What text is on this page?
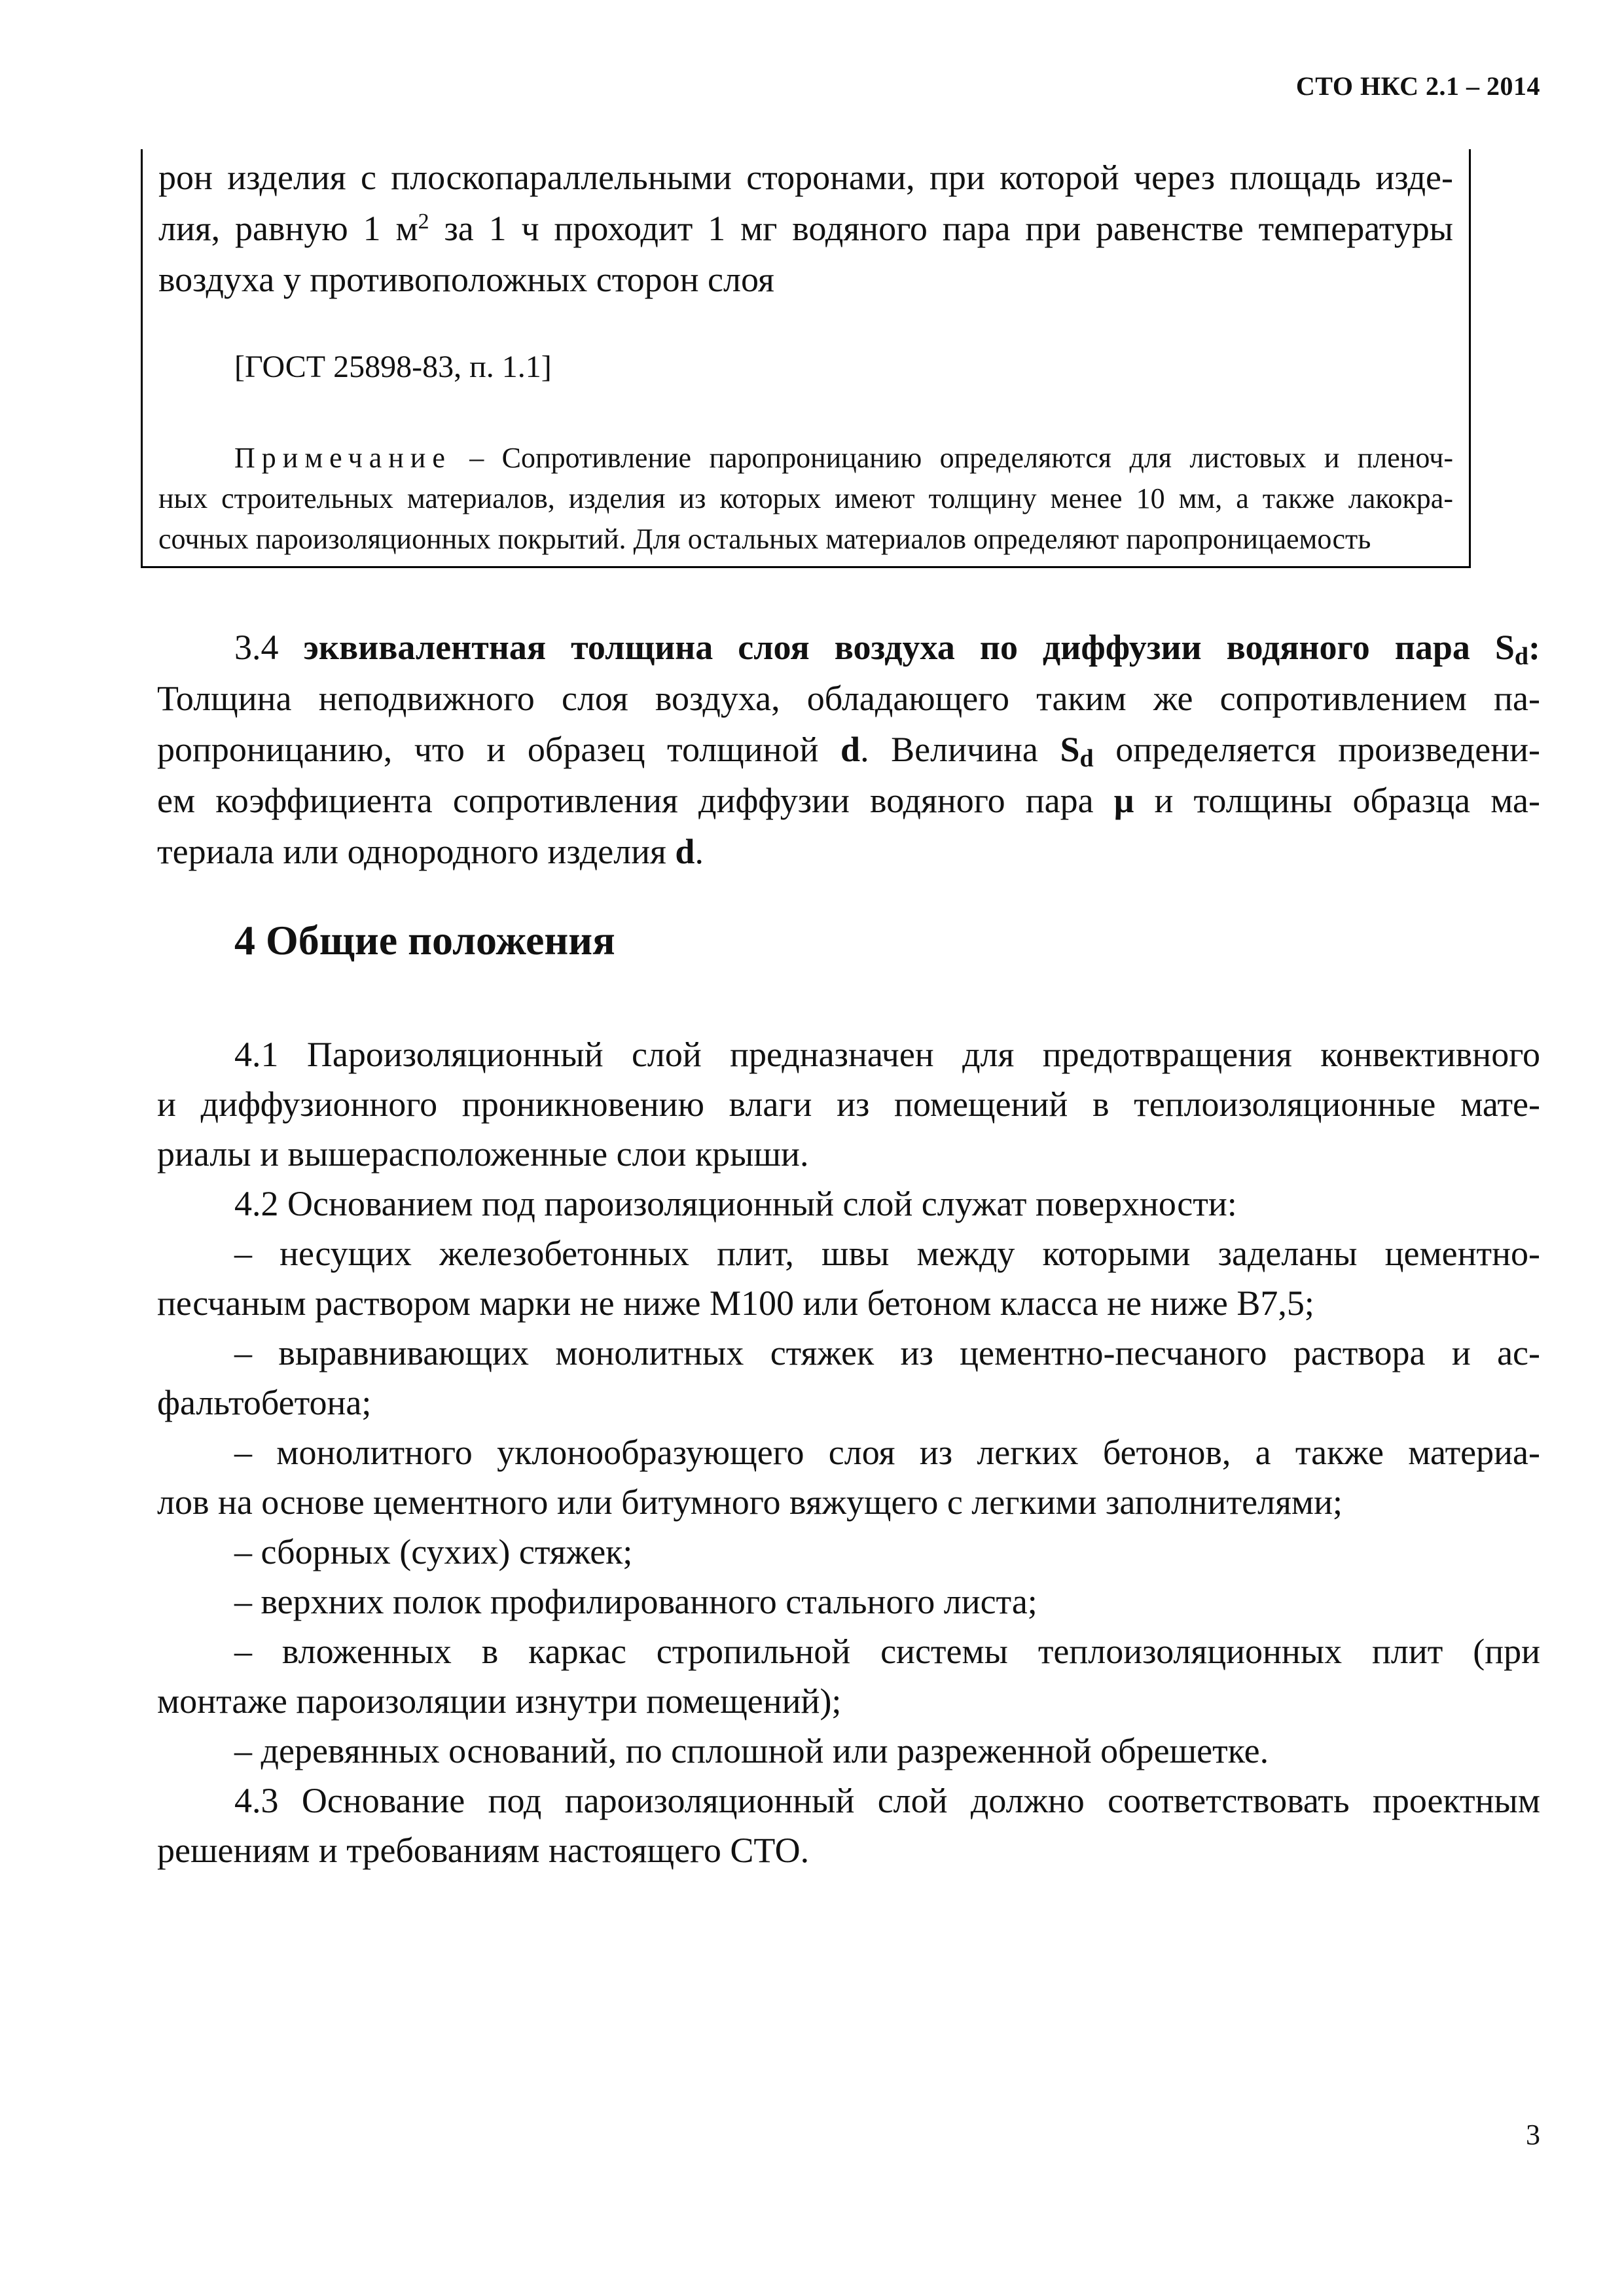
СТО НКС 2.1 – 2014
рон изделия с плоскопараллельными сторонами, при которой через площадь изде-
лия, равную 1 $м^2$ за 1 ч проходит 1 мг водяного пара при равенстве температуры
воздуха у противоположных сторон слоя
[ГОСТ 25898-83, п. 1.1]
Примечание – Сопротивление паропроницанию определяются для листовых и пленоч-
ных строительных материалов, изделия из которых имеют толщину менее 10 мм, а также лакокра-
сочных пароизоляционных покрытий. Для остальных материалов определяют паропроницаемость
3.4 эквивалентная толщина слоя воздуха по диффузии водяного пара $S_d$:
Толщина неподвижного слоя воздуха, обладающего таким же сопротивлением па-
ропроницанию, что и образец толщиной d. Величина $S_d$ определяется произведени-
ем коэффициента сопротивления диффузии водяного пара μ и толщины образца ма-
териала или однородного изделия d.
4 Общие положения
4.1 Пароизоляционный слой предназначен для предотвращения конвективного
и диффузионного проникновению влаги из помещений в теплоизоляционные мате-
риалы и вышерасположенные слои крыши.
4.2 Основанием под пароизоляционный слой служат поверхности:
– несущих железобетонных плит, швы между которыми заделаны цементно-
песчаным раствором марки не ниже М100 или бетоном класса не ниже В7,5;
– выравнивающих монолитных стяжек из цементно-песчаного раствора и ас-
фальтобетона;
– монолитного уклонообразующего слоя из легких бетонов, а также материа-
лов на основе цементного или битумного вяжущего с легкими заполнителями;
– сборных (сухих) стяжек;
– верхних полок профилированного стального листа;
– вложенных в каркас стропильной системы теплоизоляционных плит (при
монтаже пароизоляции изнутри помещений);
– деревянных оснований, по сплошной или разреженной обрешетке.
4.3 Основание под пароизоляционный слой должно соответствовать проектным
решениям и требованиям настоящего СТО.
3
